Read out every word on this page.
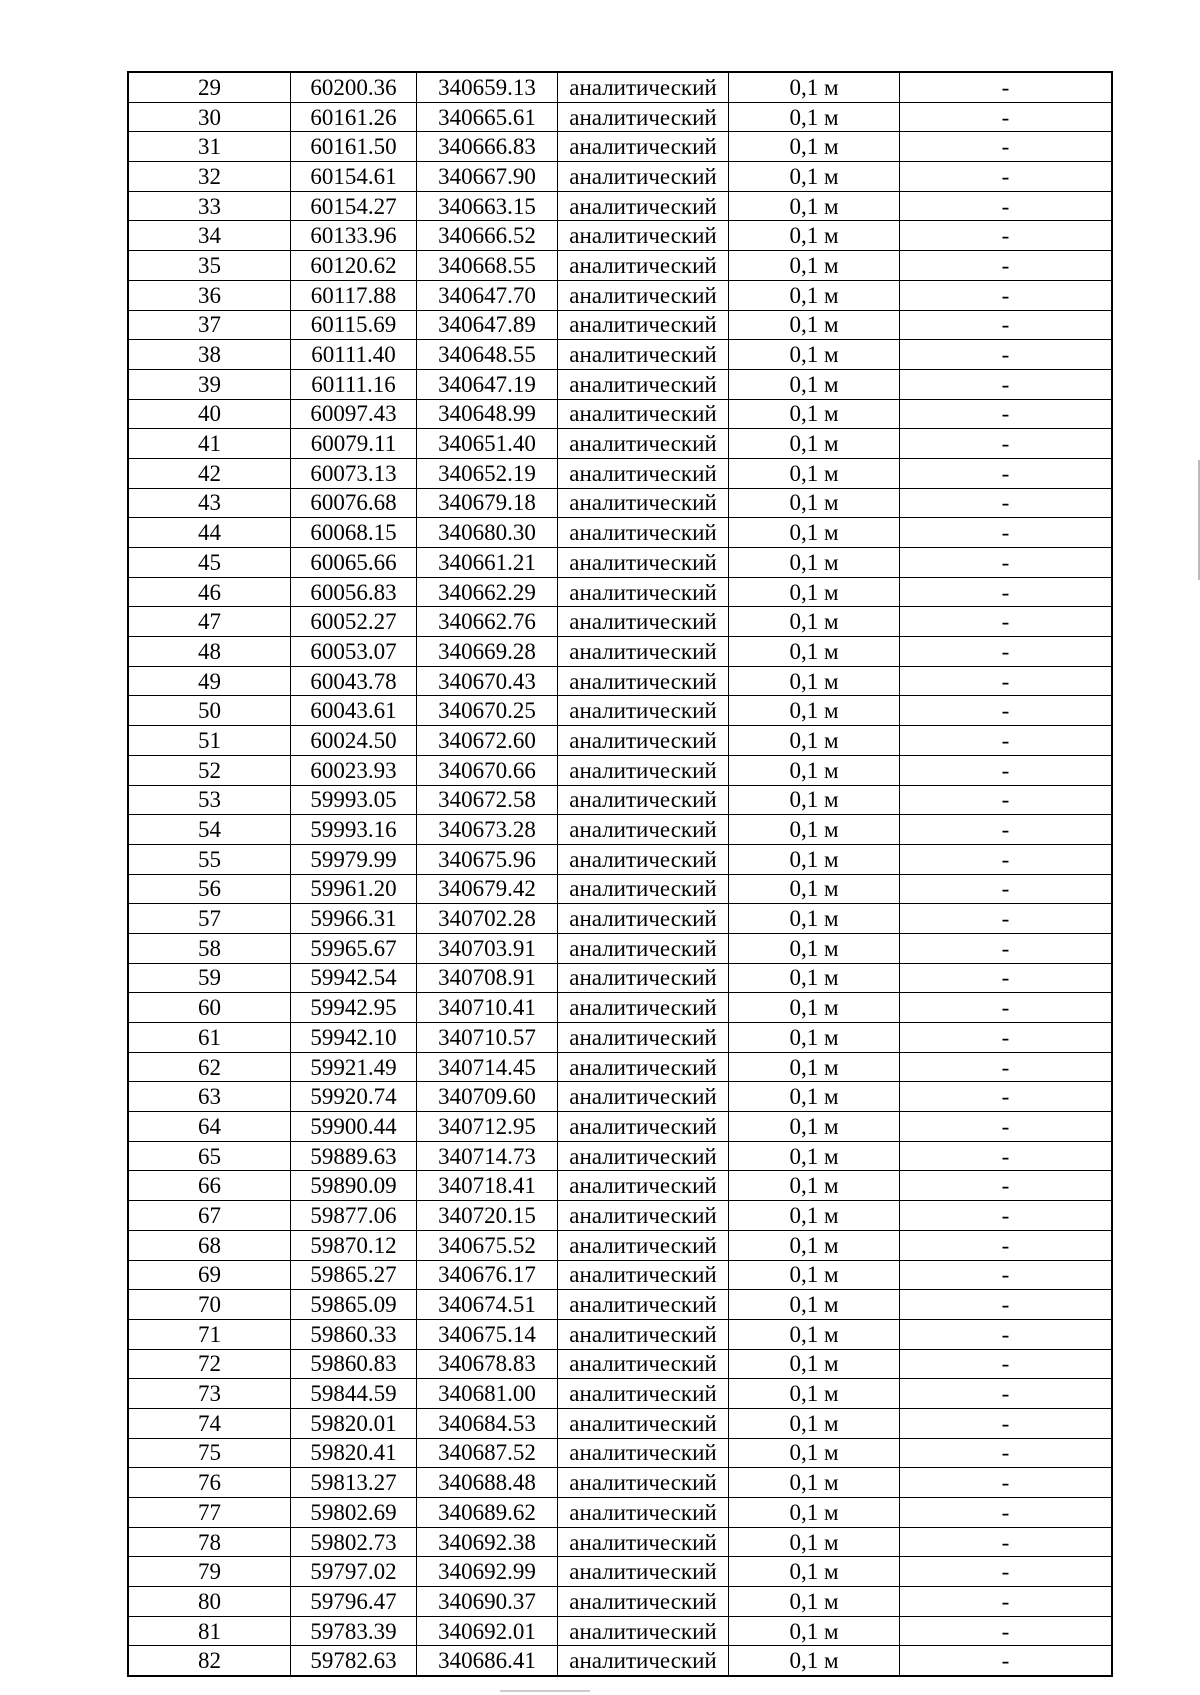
29	60200.36	340659.13	аналитический	0,1 м	-
30	60161.26	340665.61	аналитический	0,1 м	-
31	60161.50	340666.83	аналитический	0,1 м	-
32	60154.61	340667.90	аналитический	0,1 м	-
33	60154.27	340663.15	аналитический	0,1 м	-
34	60133.96	340666.52	аналитический	0,1 м	-
35	60120.62	340668.55	аналитический	0,1 м	-
36	60117.88	340647.70	аналитический	0,1 м	-
37	60115.69	340647.89	аналитический	0,1 м	-
38	60111.40	340648.55	аналитический	0,1 м	-
39	60111.16	340647.19	аналитический	0,1 м	-
40	60097.43	340648.99	аналитический	0,1 м	-
41	60079.11	340651.40	аналитический	0,1 м	-
42	60073.13	340652.19	аналитический	0,1 м	-
43	60076.68	340679.18	аналитический	0,1 м	-
44	60068.15	340680.30	аналитический	0,1 м	-
45	60065.66	340661.21	аналитический	0,1 м	-
46	60056.83	340662.29	аналитический	0,1 м	-
47	60052.27	340662.76	аналитический	0,1 м	-
48	60053.07	340669.28	аналитический	0,1 м	-
49	60043.78	340670.43	аналитический	0,1 м	-
50	60043.61	340670.25	аналитический	0,1 м	-
51	60024.50	340672.60	аналитический	0,1 м	-
52	60023.93	340670.66	аналитический	0,1 м	-
53	59993.05	340672.58	аналитический	0,1 м	-
54	59993.16	340673.28	аналитический	0,1 м	-
55	59979.99	340675.96	аналитический	0,1 м	-
56	59961.20	340679.42	аналитический	0,1 м	-
57	59966.31	340702.28	аналитический	0,1 м	-
58	59965.67	340703.91	аналитический	0,1 м	-
59	59942.54	340708.91	аналитический	0,1 м	-
60	59942.95	340710.41	аналитический	0,1 м	-
61	59942.10	340710.57	аналитический	0,1 м	-
62	59921.49	340714.45	аналитический	0,1 м	-
63	59920.74	340709.60	аналитический	0,1 м	-
64	59900.44	340712.95	аналитический	0,1 м	-
65	59889.63	340714.73	аналитический	0,1 м	-
66	59890.09	340718.41	аналитический	0,1 м	-
67	59877.06	340720.15	аналитический	0,1 м	-
68	59870.12	340675.52	аналитический	0,1 м	-
69	59865.27	340676.17	аналитический	0,1 м	-
70	59865.09	340674.51	аналитический	0,1 м	-
71	59860.33	340675.14	аналитический	0,1 м	-
72	59860.83	340678.83	аналитический	0,1 м	-
73	59844.59	340681.00	аналитический	0,1 м	-
74	59820.01	340684.53	аналитический	0,1 м	-
75	59820.41	340687.52	аналитический	0,1 м	-
76	59813.27	340688.48	аналитический	0,1 м	-
77	59802.69	340689.62	аналитический	0,1 м	-
78	59802.73	340692.38	аналитический	0,1 м	-
79	59797.02	340692.99	аналитический	0,1 м	-
80	59796.47	340690.37	аналитический	0,1 м	-
81	59783.39	340692.01	аналитический	0,1 м	-
82	59782.63	340686.41	аналитический	0,1 м	-
